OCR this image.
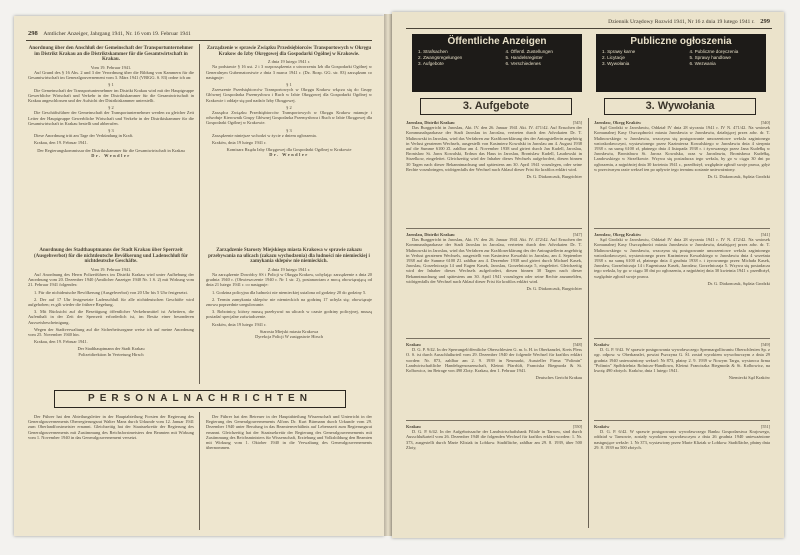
298 Amtlicher Anzeiger, Jahrgang 1941, Nr. 16 vom 19. Februar 1941
Anordnung über den Anschluß der Gemeinschaft der Transportunternehmer im Distrikt Krakau an die Distriktskammer für die Gesamtwirtschaft in Krakau.
Vom 19. Februar 1941.
Auf Grund des § 16 Abs. 2 und 3 der Verordnung über die Bildung von Kammern für die Gesamtwirtschaft im Generalgouvernement vom 3. März 1941 (VBlGG. S. 83) ordne ich an:
§ 1
Die Gemeinschaft der Transportunternehmer im Distrikt Krakau wird mit der Hauptgruppe Gewerbliche Wirtschaft und Verkehr in der Distriktskammer für die Gesamtwirtschaft in Krakau angeschlossen und der Aufsicht der Distriktskammer unterstellt.
§ 2
Die Geschäftsführer der Gemeinschaft der Transportunternehmer werden zu gleicher Zeit Leiter der Hauptgruppe Gewerbliche Wirtschaft und Verkehr in der Distriktskammer für die Gesamtwirtschaft in Krakau bestellt und abberufen.
§ 3
Diese Anordnung tritt am Tage der Verkündung in Kraft.
Krakau, den 19. Februar 1941.
Der Regierungskommissar der Distriktskammer für die Gesamtwirtschaft in Krakau
Dr. Wendler
Zarządzenie w sprawie Związku Przedsiębiorców Transportowych w Okręgu Krakow do Izby Okręgowej dla Gospodarki Ogólnej w Krakowie.
Z dnia 19 lutego 1941 r.
Na podstawie § 16 ust. 2 i 3 rozporządzenia o utworzeniu Izb dla Gospodarki Ogólnej w Generalnym Gubernatorstwie z dnia 3 marca 1941 r. (Dz. Rozp. GG. str. 83) zarządzam co następuje:
§ 1
Zrzeszenie Przedsiębiorców Transportowych w Okręgu Krakow włącza się do Grupy Głównej Gospodarka Przemysłowa i Ruch w Izbie Okręgowej dla Gospodarki Ogólnej w Krakowie i oddaje się pod nadzór Izby Okręgowej.
§ 2
Zarządca Związku Przedsiębiorców Transportowych w Okręgu Krakow mianuje i odwołuje Kierownik Grupy Głównej Gospodarka Przemysłowa i Ruch w Izbie Okręgowej dla Gospodarki Ogólnej w Krakowie.
§ 3
Zarządzenie niniejsze wchodzi w życie z dniem ogłoszenia.
Kraków, dnia 19 lutego 1941 r.
Komisarz Rządu Izby Okręgowej dla Gospodarki Ogólnej w Krakowie
Dr. Wendler
Anordnung des Stadthauptmanns der Stadt Krakau über Sperrzeit (Ausgehverbot) für die nichtdeutsche Bevölkerung und Ladenschluß für nichtdeutsche Geschäfte.
Vom 19. Februar 1941.
Auf Anordnung des Herrn Polizeiführers im Distrikt Krakau wird unter Aufhebung der Anordnung vom 20. Dezember 1940 (Amtlicher Anzeiger 1940 Nr. 1 S. 2) mit Wirkung vom 21. Februar 1941 folgendes:
1. Für die nichtdeutsche Bevölkerung (Ausgehverbot) von 20 Uhr bis 5 Uhr festgesetzt.
2. Der auf 17 Uhr festgesetzte Ladenschluß für alle nichtdeutschen Geschäfte wird aufgehoben; es gilt wieder die frühere Regelung.
3. Mit Rücksicht auf die Beseitigung öffentlicher Verkehrsmittel ist Arbeitern, die Aufenthalt in der Zeit der Sperrzeit erforderlich ist, im Besitz einer besonderen Ausweisbescheinigung.
Wegen der Stadtverwaltung auf die Sicherheitsorgane weise ich auf meine Anordnung vom 25. November 1940 hin.
Krakau, den 19. Februar 1941.
Der Stadthauptmann der Stadt Krakau
Polizeidirektion In Vertretung Hirsch
Zarządzenie Starosty Miejskiego miasta Krakowa w sprawie zakazu przebywania na ulicach (zakazu wychodzenia) dla ludności nie niemieckiej i zamykania sklepów nie niemieckich.
Z dnia 19 lutego 1941 r.
Na zarządzenie Dowódcy SS i Policji w Okręgu Krakow, uchylając zarządzenie z dnia 20 grudnia 1940 r. (Obwieszczenie 1940 r. Nr 1 str. 2), postanawiam z mocą obowiązującą od dnia 21 lutego 1941 r. co następuje:
1. Godzina policyjna dla ludności nie niemieckiej ustalona od godziny 20 do godziny 5.
2. Termin zamykania sklepów nie niemieckich na godzinę 17 uchyla się; obowiązuje znowu poprzednie uregulowanie.
3. Robotnicy, którzy muszą przebywać na ulicach w czasie godziny policyjnej, muszą posiadać specjalne zaświadczenie.
Kraków, dnia 19 lutego 1941 r.
Starosta Miejski miasta Krakowa
Dyrekcja Policji W zastępstwie Hirsch
PERSONALNACHRICHTEN
Der Führer hat den Abteilungsleiter in der Hauptabteilung Forsten der Regierung des Generalgouvernements Oberregierungsrat Walter Manz durch Urkunde vom 12. Januar 1941 zum Oberlandforstmeister ernannt. Gleichzeitig hat der Staatssekretär der Regierung des Generalgouvernements mit Zustimmung des Reichsforstmeisters den Beamten mit Wirkung vom 1. November 1940 in das Generalgouvernement versetzt.
Der Führer hat den Betreuer in der Hauptabteilung Wissenschaft und Unterricht in der Regierung des Generalgouvernements Alfons Dr. Kurt Bürmann durch Urkunde vom 29. Dezember 1940 unter Berufung in das Beamtenverhältnis auf Lebenszeit zum Regierungsrat ernannt. Gleichzeitig hat der Staatssekretär der Regierung des Generalgouvernements mit Zustimmung des Reichsministers für Wissenschaft, Erziehung und Volksbildung den Beamten mit Wirkung vom 1. Oktober 1940 in die Verwaltung des Generalgouvernements übernommen.
Dziennik Urzędowy Rozwid 1941, Nr 16 z dnia 19 lutego 1941 r. 299
Öffentliche Anzeigen
1. Strafsachen
2. Zwangsregelungen
3. Aufgebote
4. Öffentl. Zustellungen
5. Handelsregister
6. Verschiedenes
Publiczne ogłoszenia
1. Sprawy karne
2. Licytacje
3. Wywołania
4. Publiczne doręczenia
5. Sprawy handlowe
6. Wezwania
3. Aufgebote	3. Wywołania
Jaroslau, Distrikt Krakau	[545]
Das Burggericht in Jaroslau, Akt. IV. den 26. Januar 1941 Akt. IV. 471/42. Auf Ersuchen der Kommunalsparkasse der Stadt Jaroslau in Jaroslau, vertreten durch den Advokaten Dr. T. Malinowski in Jaroslau, wird das Verfahren zur Kraftloserklärung des der Antragstellerin angehörig in Verlust geratenen Wechsels, ausgestellt von Kasimierz Kowalski in Jaroslau am 4. August 1938 auf die Summe 6100 Zl. zahlbar am 4. November 1938 und giriert durch Jan Kudell, Jaroslau, Bronislaw St. Jaros Kowalski, Erdrun das Haus in Jaroslau, Bronislaw Kudell, Laudowski in Strzelkow, eingeleitet. Gleichzeitig wird der Inhaber dieses Wechsels aufgefordert, diesen binnen 30 Tagen nach dieser Bekanntmachung und spätestens am 30. April 1941 vorzulegen, oder seine Rechte vorzubringen, widrigenfalls der Wechsel nach Ablauf dieser Frist für kraftlos erklärt wird.
Dr. G. Diakonczuk, Burgrichter
Jaroslau, Distrikt Krakau	[547]
Das Burggericht in Jaroslau, Akt. IV. den 26. Januar 1941 Akt. IV. 472/42. Auf Ersuchen der Kommunalsparkasse der Stadt Jaroslau in Jaroslau, vertreten durch den Advokaten Dr. T. Malinowski in Jaroslau, wird das Verfahren zur Kraftloserklärung des der Antragstellerin angehörig in Verlust geratenen Wechsels, ausgestellt von Kasimierz Kowalski in Jaroslau, am 4. September 1938 auf die Summe 6100 Zl. zahlbar am 4. Dezember 1938 und giriert durch Michael Kasek, Jaroslau, Gorzelniczaja 14 und Eugen Kasek, Jaroslau, Gorzelniczaja 5, eingeleitet. Gleichzeitig wird der Inhaber dieses Wechsels aufgefordert, diesen binnen 30 Tagen nach dieser Bekanntmachung und spätestens am 30. April 1941 vorzulegen oder seine Rechte anzumelden, widrigenfalls der Wechsel nach Ablauf dieser Frist für kraftlos erklärt wird.
Dr. G. Diakonczuk, Burgrichter
Krakau	[548]
D. G. P. 9/42. In der Sperrangelöffentliche Oberschlesien G. m. b. H. in Oberkanzlei, Kreis Pless O. S. ist durch Ausschlußurteil vom 29. Dezember 1940 der folgende Wechsel für kraftlos erklärt worden: Nr. 873, zahlbar am 2. 9. 1939 in Neumarkt, Aussteller Firma "Polimin" Landwirtschaftliche Handelsgenossenschaft, Kleinst Pfarrlüft, Franciska Biegmoda & St. Kolbowicz, im Betrage von 490 Zloty. Krakau, den 1. Februar 1941.
Deutsches Gericht Krakau
Krakau	[550]
D. G. P. 6/42. In der Aufgebotssache der Landwirtschaftsbank Filiale in Tarnow, sind durch Ausschlußurteil vom 26. Dezember 1940 die folgenden Wechsel für kraftlos erklärt worden: 1. Nr. 373, ausgestellt durch Marie Klisiak in Lobkow. Stadtfläche, zahlbar am 29. 8. 1939, über 500 Zloty,
Jarosław, Okręg Kraków	[540]
Sąd Grodzki w Jarosławiu, Oddział IV dnia 28 stycznia 1941 r. IV N. 471/42. Na wniosek Komunalnej Kasy Oszczędności miasta Jarosławia w Jarosławiu, działającej przez adw. dr. T. Malinowskiego w Jarosławiu, wszczyna się postępowanie umorzeniowe weksla zaginionego wnioskodawczyni, wystawionego przez Kazimierza Kowalskiego w Jarosławiu dnia 4 sierpnia 1938 r. na sumę 6100 zł, płatnego dnia 4 listopada 1938 r. i żyrowanego przez Jana Kudełkę w Jarosławiu, Bronisława St. Jarosz Kowalska, oraz w Jarosławiu, Bronisława Kudełkę, Landowskiego w Strzelkowie. Wzywa się posiadacza tego weksla, by go w ciągu 30 dni po ogłoszeniu, a najpóźniej dnia 30 kwietnia 1941 r., przedłożył, względnie zgłosił swoje prawa, gdyż w przeciwnym razie weksel ten po upływie tego terminu zostanie unieważniony.
Dr. G. Diakonczuk, Sędzia Grodzki
Jarosław, Okręg Kraków	[541]
Sąd Grodzki w Jarosławiu, Oddział IV dnia 28 stycznia 1941 r. IV N. 472/42. Na wniosek Komunalnej Kasy Oszczędności miasta Jarosławia w Jarosławiu, działającej przez adw. dr. T. Malinowskiego w Jarosławiu, wszczyna się postępowanie umorzeniowe weksla zaginionego wnioskodawczyni, wystawionego przez Kazimierza Kowalskiego w Jarosławiu dnia 4 września 1938 r. na sumę 6100 zł, płatnego dnia 4 grudnia 1938 r. i żyrowanego przez Michała Kasek, Jarosław, Gorzelniczaja 14 i Eugeniusza Kasek, Jarosław, Gorzelniczaja 5. Wzywa się posiadacza tego weksla, by go w ciągu 30 dni po ogłoszeniu, a najpóźniej dnia 30 kwietnia 1941 r. przedłożył, względnie zgłosił swoje prawa.
Dr. G. Diakonczuk, Sędzia Grodzki
Kraków	[549]
D. G. P. 9/42. W sprawie postępowania wywoławczego Spermargolliwaniu Oberschlesien Sp. z ogr. odpow. w Oberkanzlei, powiat Pszczyna G. Śl. został wyrokiem wywoławczym z dnia 29 grudnia 1940 unieważniony weksel: Nr 873, płatny 2. 9. 1939 w Nowym Targu, wystawca firma "Polimin" Spółdzielnia Rolniczo-Handlowa, Kleinst Franciszka Biegmoda & St. Kolbowicz, na kwotę 490 złotych. Kraków, dnia 1 lutego 1941.
Niemiecki Sąd Kraków
Kraków	[551]
D. G. P. 6/42. W sprawie postępowania wywoławczego Banku Gospodarstwa Krajowego, oddział w Tarnowie, zostały wyrokiem wywoławczym z dnia 26 grudnia 1940 unieważnione następujące weksle: 1. Nr 373, wystawiony przez Marie Kliziak w Lobkow. Stadtfläche, płatny dnia 29. 8. 1939 na 500 złotych.
